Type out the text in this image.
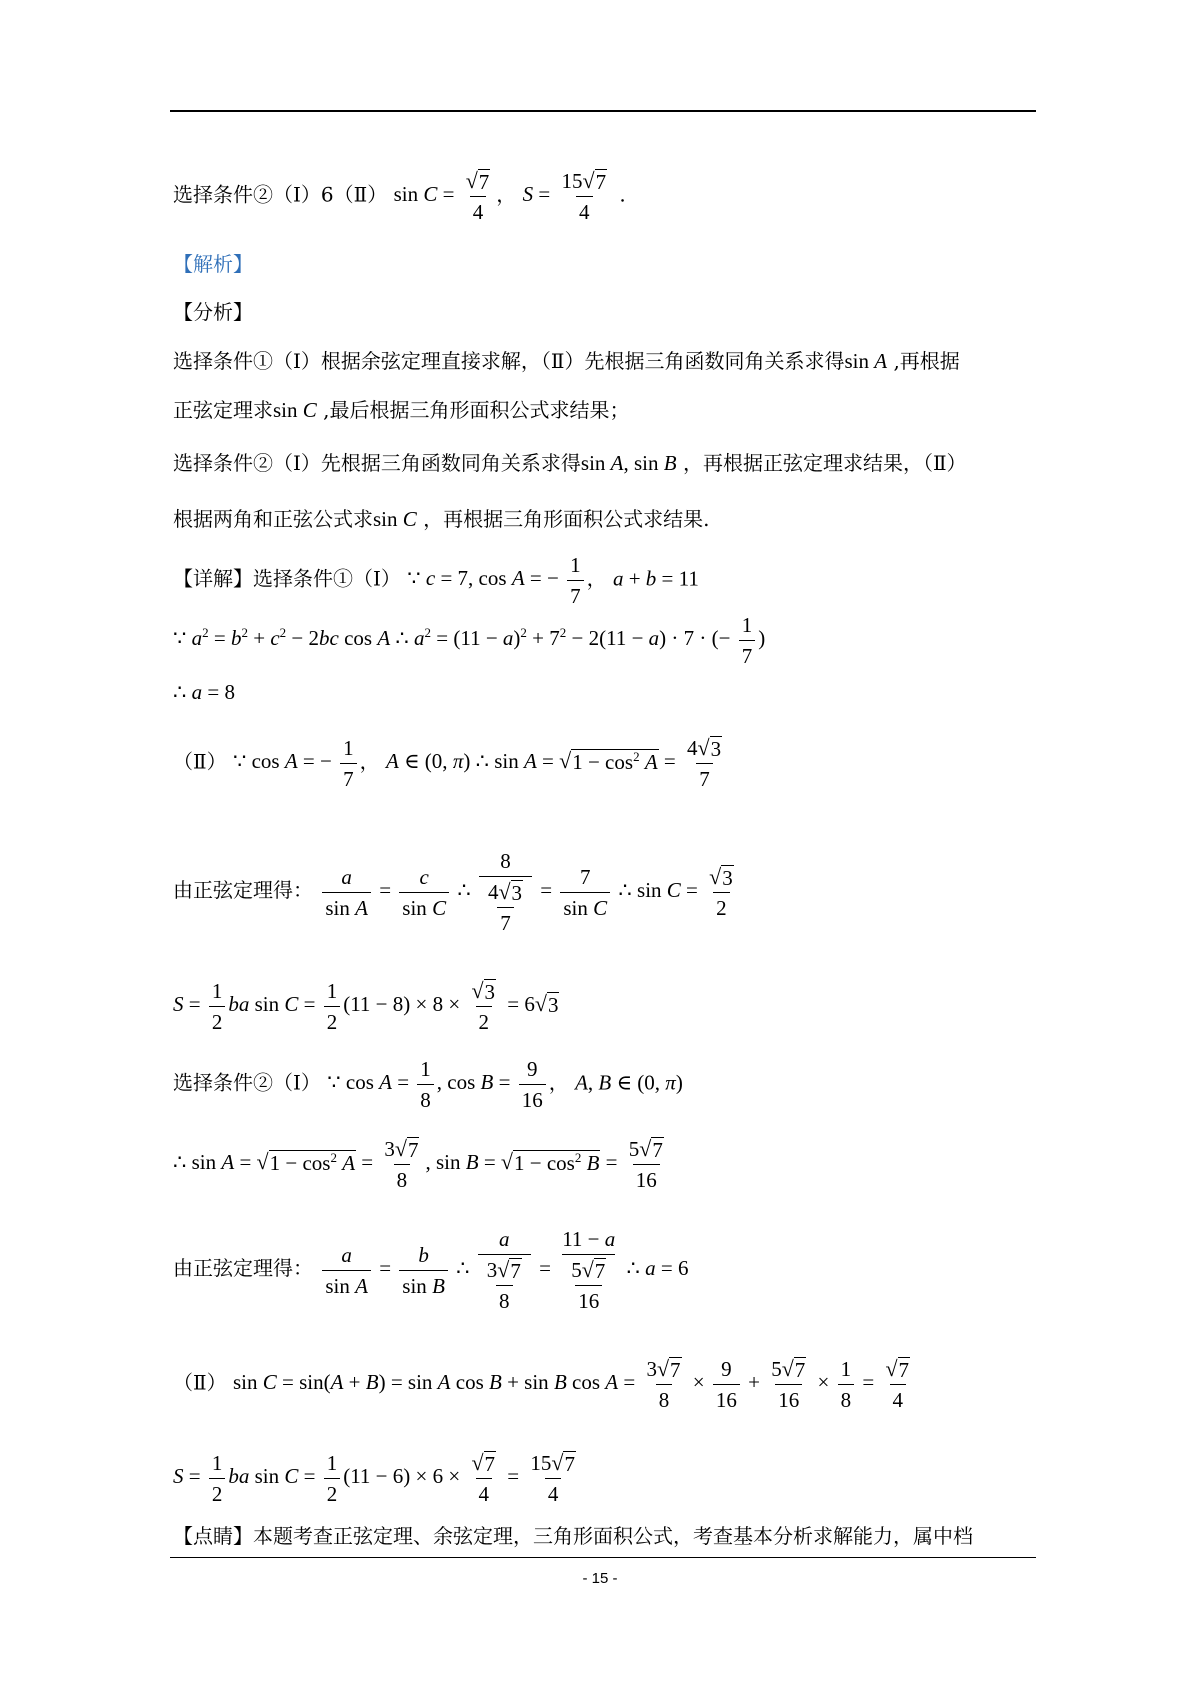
选择条件②（Ⅰ）6（Ⅱ） $\sin C = \frac{√ 7}{4}$ ， $S = \frac{15 √ 7}{4}$ .
【解析】
【分析】
选择条件①（Ⅰ）根据余弦定理直接求解，（Ⅱ）先根据三角函数同角关系求得sin A ,再根据
正弦定理求sin C ,最后根据三角形面积公式求结果；
选择条件②（Ⅰ）先根据三角函数同角关系求得sin A, sin B ，再根据正弦定理求结果，（Ⅱ）
根据两角和正弦公式求sin C ，再根据三角形面积公式求结果.
【详解】选择条件①（Ⅰ） ∵ c = 7, cos A = − $\frac{1}{7}$ ， a + b = 11
∵ $a^2 = b^2 + c^2 - 2bc$ cos A ∴ $a^2 = (11 - a)^2 + 7^2 - 2(11 - a) \cdot 7$ · (− $\frac{1}{7}$ )
∴ a = 8
（Ⅱ） ∵ cos A = − $\frac{1}{7}$ ， A ∈ (0, π) ∴ sin A = √ $1 - \cos^2 A = \frac{4 √ 3}{7}$
由正弦定理得： $\frac{a}{\text{sin A}} = \frac{c}{\text{sin C}}$ ∴ $\frac{8}{\frac{4 √ 3}{7}} = \frac{7}{\text{sin C}}$ ∴ $\sin C = \frac{√ 3}{2}$
$S = \frac{1}{2}$ ba $\sin C = \frac{1}{2} (11 - 8) \times 8 \times \frac{√ 3}{2} = 6$ √ 3
选择条件②（Ⅰ） ∵ $\cos A = \frac{1}{8}$ , $\cos B = \frac{9}{16}$ ， A, B ∈ (0, π)
∴ sin A = √ $1 - \cos^2 A = \frac{3 √ 7}{8}$ , sin B = √ $1 - \cos^2 B = \frac{5 √ 7}{16}$
由正弦定理得： $\frac{a}{\text{sin A}} = \frac{b}{\text{sin B}}$ ∴ $\frac{a}{\frac{3 √ 7}{8}} = \frac{11 - a}{\frac{5 √ 7}{16}}$ ∴ a = 6
（Ⅱ） sin C = sin(A + B) = sin A cos B + sin B $\cos A = \frac{3 √ 7}{8} \times \frac{9}{16} + \frac{5 √ 7}{16} \times \frac{1}{8} = \frac{√ 7}{4}$
$S = \frac{1}{2}$ ba $\sin C = \frac{1}{2} (11 - 6) \times 6 \times \frac{√ 7}{4} = \frac{15 √ 7}{4}$
【点睛】本题考查正弦定理、余弦定理，三角形面积公式，考查基本分析求解能力，属中档
- 15 -
